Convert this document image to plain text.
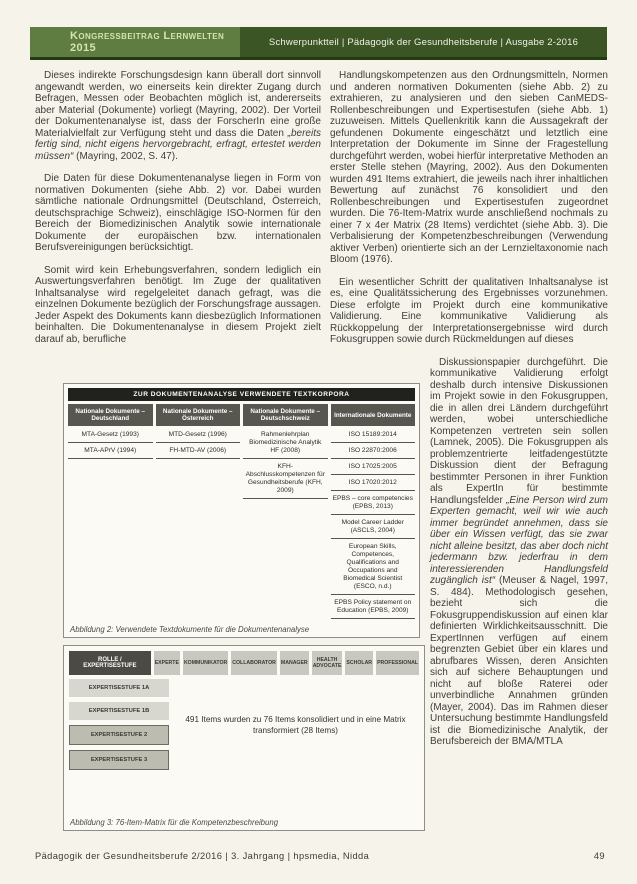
Kongressbeitrag Lernwelten 2015	Schwerpunktteil | Pädagogik der Gesundheitsberufe | Ausgabe 2-2016

Dieses indirekte Forschungsdesign kann überall dort sinnvoll angewandt werden, wo einerseits kein direkter Zugang durch Befragen, Messen oder Beobachten möglich ist, andererseits aber Material (Dokumente) vorliegt (Mayring, 2002). Der Vorteil der Dokumentenanalyse ist, dass der ForscherIn eine große Materialvielfalt zur Verfügung steht und dass die Daten „bereits fertig sind, nicht eigens hervorgebracht, erfragt, ertestet werden müssen“ (Mayring, 2002, S. 47).

Die Daten für diese Dokumentenanalyse liegen in Form von normativen Dokumenten (siehe Abb. 2) vor. Dabei wurden sämtliche nationale Ordnungsmittel (Deutschland, Österreich, deutschsprachige Schweiz), einschlägige ISO-Normen für den Bereich der Biomedizinischen Analytik sowie internationale Dokumente der europäischen bzw. internationalen Berufsvereinigungen berücksichtigt.

Somit wird kein Erhebungsverfahren, sondern lediglich ein Auswertungsverfahren benötigt. Im Zuge der qualitativen Inhaltsanalyse wird regelgeleitet danach gefragt, was die einzelnen Dokumente bezüglich der Forschungsfrage aussagen. Jeder Aspekt des Dokuments kann diesbezüglich Informationen beinhalten. Die Dokumentenanalyse in diesem Projekt zielt darauf ab, berufliche

Handlungskompetenzen aus den Ordnungsmitteln, Normen und anderen normativen Dokumenten (siehe Abb. 2) zu extrahieren, zu analysieren und den sieben CanMEDS-Rollenbeschreibungen und Expertisestufen (siehe Abb. 1) zuzuweisen. Mittels Quellenkritik kann die Aussagekraft der gefundenen Dokumente eingeschätzt und letztlich eine Interpretation der Dokumente im Sinne der Fragestellung durchgeführt werden, wobei hierfür interpretative Methoden an erster Stelle stehen (Mayring, 2002). Aus den Dokumenten wurden 491 Items extrahiert, die jeweils nach ihrer inhaltlichen Bewertung auf zunächst 76 konsolidiert und den Rollenbeschreibungen und Expertisestufen zugeordnet wurden. Die 76-Item-Matrix wurde anschließend nochmals zu einer 7 x 4er Matrix (28 Items) verdichtet (siehe Abb. 3). Die Verbalisierung der Kompetenzbeschreibungen (Verwendung aktiver Verben) orientierte sich an der Lernzieltaxonomie nach Bloom (1976).

Ein wesentlicher Schritt der qualitativen Inhaltsanalyse ist es, eine Qualitätssicherung des Ergebnisses vorzunehmen. Diese erfolgte im Projekt durch eine kommunikative Validierung. Eine kommunikative Validierung als Rückkoppelung der Interpretationsergebnisse wird durch Fokusgruppen sowie durch Rückmeldungen auf dieses

Diskussionspapier durchgeführt. Die kommunikative Validierung erfolgt deshalb durch intensive Diskussionen im Projekt sowie in den Fokusgruppen, die in allen drei Ländern durchgeführt werden, wobei unterschiedliche Kompetenzen vertreten sein sollen (Lamnek, 2005). Die Fokusgruppen als problemzentrierte leitfadengestützte Diskussion dient der Befragung bestimmter Personen in ihrer Funktion als ExpertIn für bestimmte Handlungsfelder „Eine Person wird zum Experten gemacht, weil wir wie auch immer begründet annehmen, dass sie über ein Wissen verfügt, das sie zwar nicht alleine besitzt, das aber doch nicht jedermann bzw. jederfrau in dem interessierenden Handlungsfeld zugänglich ist“ (Meuser & Nagel, 1997, S. 484). Methodologisch gesehen, bezieht sich die Fokusgruppendiskussion auf einen klar definierten Wirklichkeitsausschnitt. Die ExpertInnen verfügen auf einem begrenzten Gebiet über ein klares und abrufbares Wissen, deren Ansichten sich auf sichere Behauptungen und nicht auf bloße Raterei oder unverbindliche Annahmen gründen (Mayer, 2004). Das im Rahmen dieser Untersuchung bestimmte Handlungsfeld ist die Biomedizinische Analytik, der Berufsbereich der BMA/MTLA

ZUR DOKUMENTENANALYSE VERWENDETE TEXTKORPORA
Nationale Dokumente – Deutschland
MTA-Gesetz (1993)
MTA-APrV (1994)
Nationale Dokumente – Österreich
MTD-Gesetz (1996)
FH-MTD-AV (2006)
Nationale Dokumente – Deutschschweiz
Rahmenlehrplan Biomedizinische Analytik HF (2008)
KFH-Abschlusskompetenzen für Gesundheitsberufe (KFH, 2009)
Internationale Dokumente
ISO 15189:2014
ISO 22870:2006
ISO 17025:2005
ISO 17020:2012
EPBS – core competencies (EPBS, 2013)
Model Career Ladder (ASCLS, 2004)
European Skills, Competences, Qualifications and Occupations and Biomedical Scientist (ESCO, n.d.)
EPBS Policy statement on Education (EPBS, 2009)
Abbildung 2: Verwendete Textdokumente für die Dokumentenanalyse
ROLLE / EXPERTISESTUFE
EXPERTE KOMMUNIKATOR COLLABORATOR MANAGER
HEALTH ADVOCATE
SCHOLAR PROFESSIONAL
EXPERTISESTUFE 1A
EXPERTISESTUFE 1B
EXPERTISESTUFE 2
EXPERTISESTUFE 3
491 Items wurden zu 76 Items konsolidiert und in eine Matrix transformiert (28 Items)
Abbildung 3: 76-Item-Matrix für die Kompetenzbeschreibung
Pädagogik der Gesundheitsberufe 2/2016 | 3. Jahrgang | hpsmedia, Nidda	49
